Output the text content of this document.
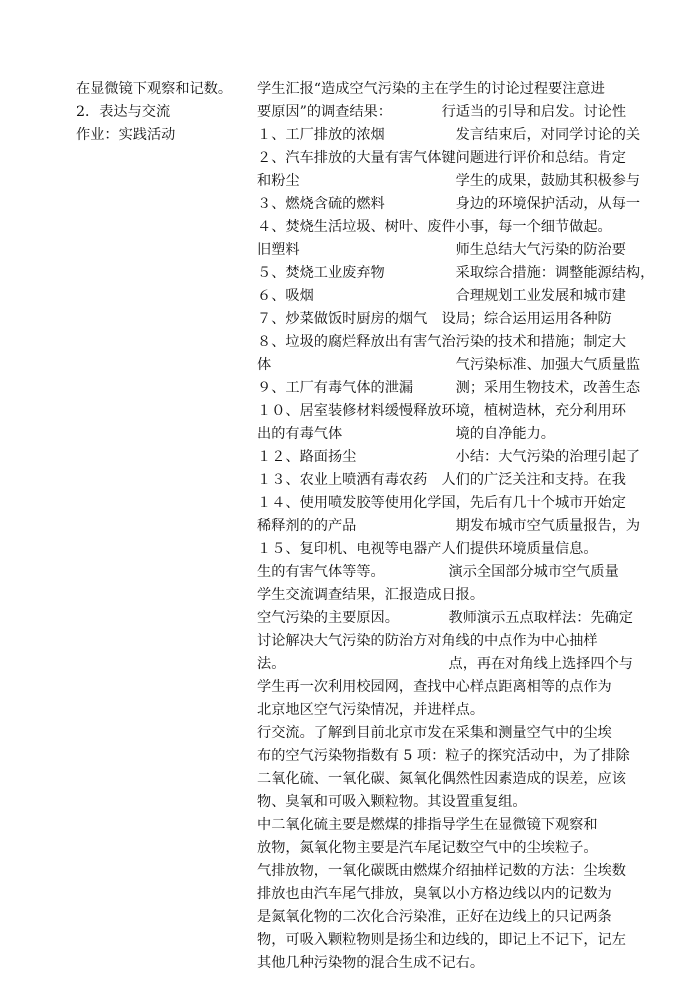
在显微镜下观察和记数。

2．表达与交流

作业：实践活动

学生汇报“造成空气污染的主在学生的讨论过程要注意进

要原因”的调查结果：　　　　行适当的引导和启发。讨论性

１、工厂排放的浓烟　　　　　发言结束后，对同学讨论的关

２、汽车排放的大量有害气体键问题进行评价和总结。肯定

和粉尘　　　　　　　　　　　学生的成果，鼓励其积极参与

３、燃烧含硫的燃料　　　　　身边的环境保护活动，从每一

４、焚烧生活垃圾、树叶、废件小事，每一个细节做起。

旧塑料　　　　　　　　　　　师生总结大气污染的防治要

５、焚烧工业废弃物　　　　　采取综合措施：调整能源结构，

６、吸烟　　　　　　　　　　合理规划工业发展和城市建

７、炒菜做饭时厨房的烟气　设局；综合运用运用各种防

８、垃圾的腐烂释放出有害气治污染的技术和措施；制定大

体　　　　　　　　　　　　　气污染标准、加强大气质量监

９、工厂有毒气体的泄漏　　　测；采用生物技术，改善生态

１０、居室装修材料缓慢释放环境，植树造林，充分利用环

出的有毒气体　　　　　　　　境的自净能力。

１２、路面扬尘　　　　　　　小结：大气污染的治理引起了

１３、农业上喷洒有毒农药　人们的广泛关注和支持。在我

１４、使用喷发胶等使用化学国，先后有几十个城市开始定

稀释剂的的产品　　　　　　　期发布城市空气质量报告，为

１５、复印机、电视等电器产人们提供环境质量信息。

生的有害气体等等。　　　　　演示全国部分城市空气质量

学生交流调查结果，汇报造成日报。

空气污染的主要原因。　　　　教师演示五点取样法：先确定

讨论解决大气污染的防治方对角线的中点作为中心抽样

法。　　　　　　　　　　　　点，再在对角线上选择四个与

学生再一次利用校园网，查找中心样点距离相等的点作为

北京地区空气污染情况，并进样点。

行交流。了解到目前北京市发在采集和测量空气中的尘埃

布的空气污染物指数有 5 项：粒子的探究活动中，为了排除

二氧化硫、一氧化碳、氮氧化偶然性因素造成的误差，应该

物、臭氧和可吸入颗粒物。其设置重复组。

中二氧化硫主要是燃煤的排指导学生在显微镜下观察和

放物，氮氧化物主要是汽车尾记数空气中的尘埃粒子。

气排放物，一氧化碳既由燃煤介绍抽样记数的方法：尘埃数

排放也由汽车尾气排放，臭氧以小方格边线以内的记数为

是氮氧化物的二次化合污染准，正好在边线上的只记两条

物，可吸入颗粒物则是扬尘和边线的，即记上不记下，记左

其他几种污染物的混合生成不记右。
